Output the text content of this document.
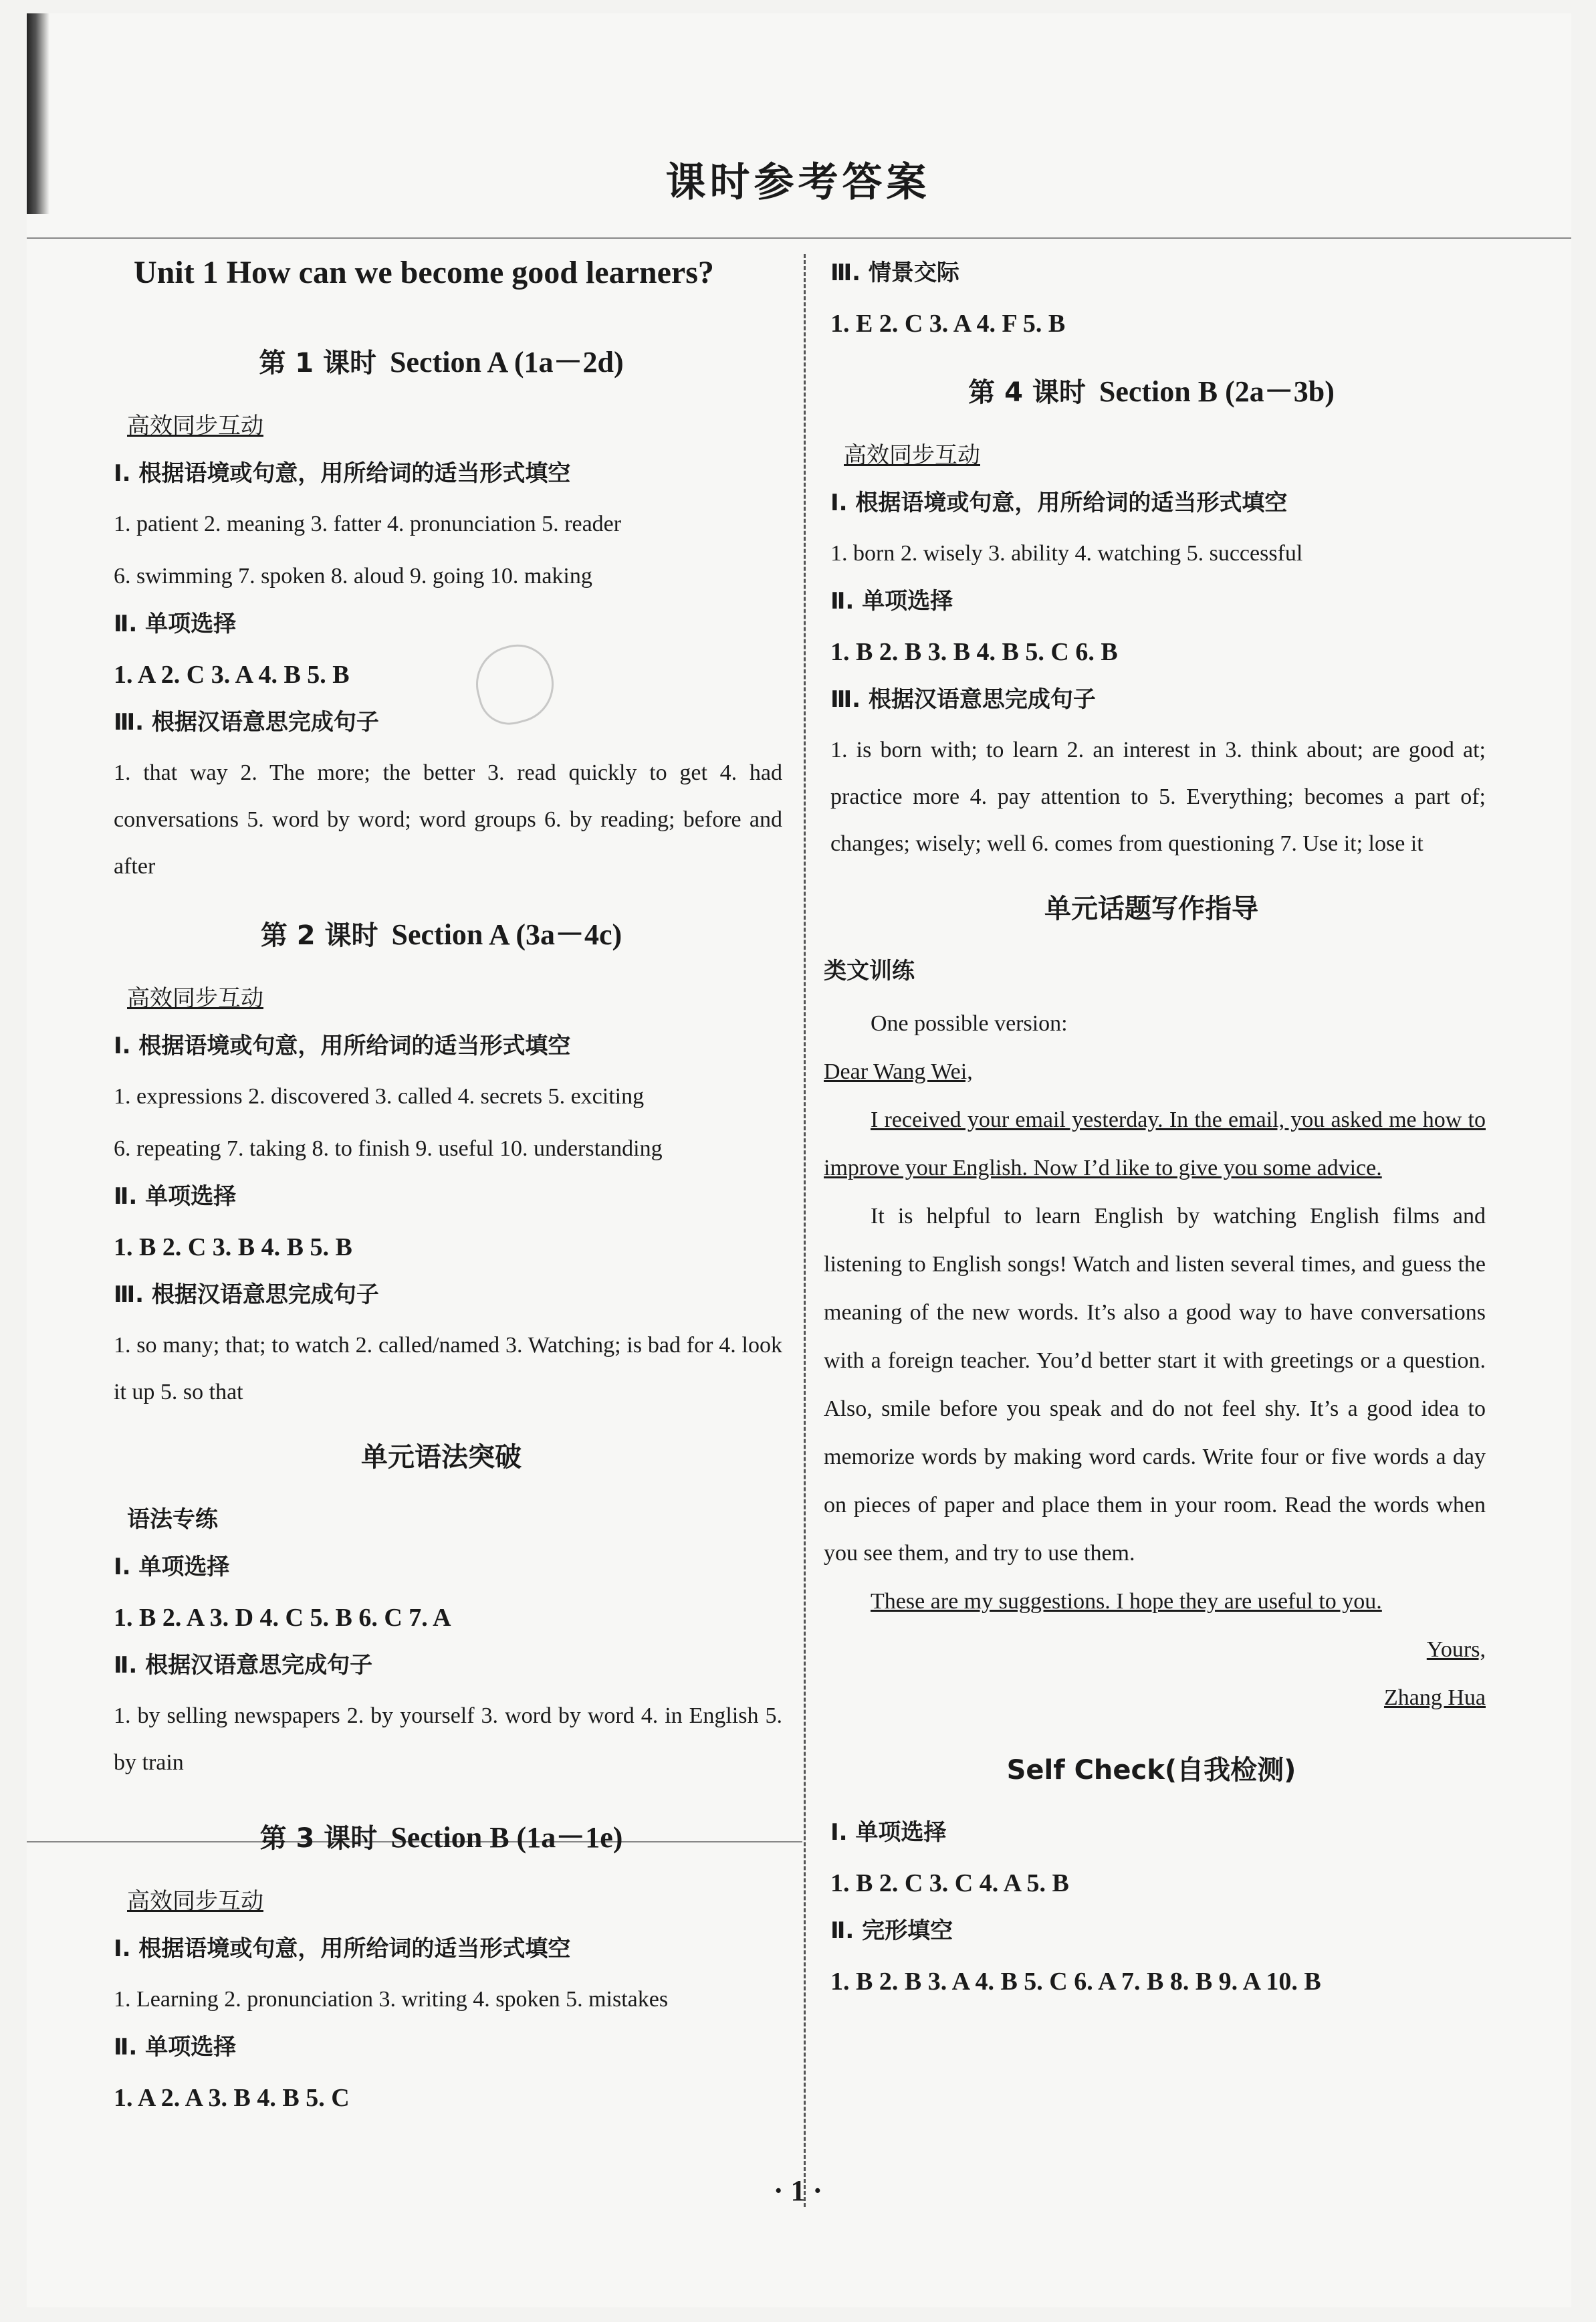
课时参考答案
Unit 1 How can we become good learners?
第 1 课时 Section A (1a－2d)
高效同步互动
Ⅰ. 根据语境或句意，用所给词的适当形式填空
1. patient 2. meaning 3. fatter 4. pronunciation 5. reader
6. swimming 7. spoken 8. aloud 9. going 10. making
Ⅱ. 单项选择
1. A 2. C 3. A 4. B 5. B
Ⅲ. 根据汉语意思完成句子
1. that way 2. The more; the better 3. read quickly to get 4. had conversations 5. word by word; word groups 6. by reading; before and after
第 2 课时 Section A (3a－4c)
高效同步互动
Ⅰ. 根据语境或句意，用所给词的适当形式填空
1. expressions 2. discovered 3. called 4. secrets 5. exciting
6. repeating 7. taking 8. to finish 9. useful 10. understanding
Ⅱ. 单项选择
1. B 2. C 3. B 4. B 5. B
Ⅲ. 根据汉语意思完成句子
1. so many; that; to watch 2. called/named 3. Watching; is bad for 4. look it up 5. so that
单元语法突破
语法专练
Ⅰ. 单项选择
1. B 2. A 3. D 4. C 5. B 6. C 7. A
Ⅱ. 根据汉语意思完成句子
1. by selling newspapers 2. by yourself 3. word by word 4. in English 5. by train
第 3 课时 Section B (1a－1e)
高效同步互动
Ⅰ. 根据语境或句意，用所给词的适当形式填空
1. Learning 2. pronunciation 3. writing 4. spoken 5. mistakes
Ⅱ. 单项选择
1. A 2. A 3. B 4. B 5. C
Ⅲ. 情景交际
1. E 2. C 3. A 4. F 5. B
第 4 课时 Section B (2a－3b)
高效同步互动
Ⅰ. 根据语境或句意，用所给词的适当形式填空
1. born 2. wisely 3. ability 4. watching 5. successful
Ⅱ. 单项选择
1. B 2. B 3. B 4. B 5. C 6. B
Ⅲ. 根据汉语意思完成句子
1. is born with; to learn 2. an interest in 3. think about; are good at; practice more 4. pay attention to 5. Everything; becomes a part of; changes; wisely; well 6. comes from questioning 7. Use it; lose it
单元话题写作指导
类文训练

One possible version:

Dear Wang Wei,

I received your email yesterday. In the email, you asked me how to improve your English. Now I’d like to give you some advice.

It is helpful to learn English by watching English films and listening to English songs! Watch and listen several times, and guess the meaning of the new words. It’s also a good way to have conversations with a foreign teacher. You’d better start it with greetings or a question. Also, smile before you speak and do not feel shy. It’s a good idea to memorize words by making word cards. Write four or five words a day on pieces of paper and place them in your room. Read the words when you see them, and try to use them.

These are my suggestions. I hope they are useful to you.

Yours,

Zhang Hua

Self Check(自我检测)
Ⅰ. 单项选择
1. B 2. C 3. C 4. A 5. B
Ⅱ. 完形填空
1. B 2. B 3. A 4. B 5. C 6. A 7. B 8. B 9. A 10. B
· 1 ·
